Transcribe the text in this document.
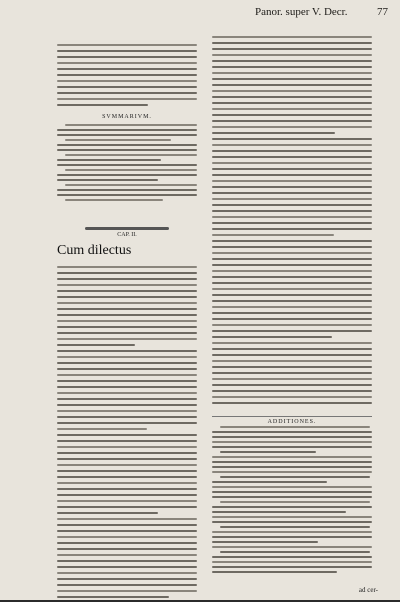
Panor. super V. Decr.	77
SVMMARIVM.
CAP. II.
Cum dilectus
ADDITIONES.
ad cer-
